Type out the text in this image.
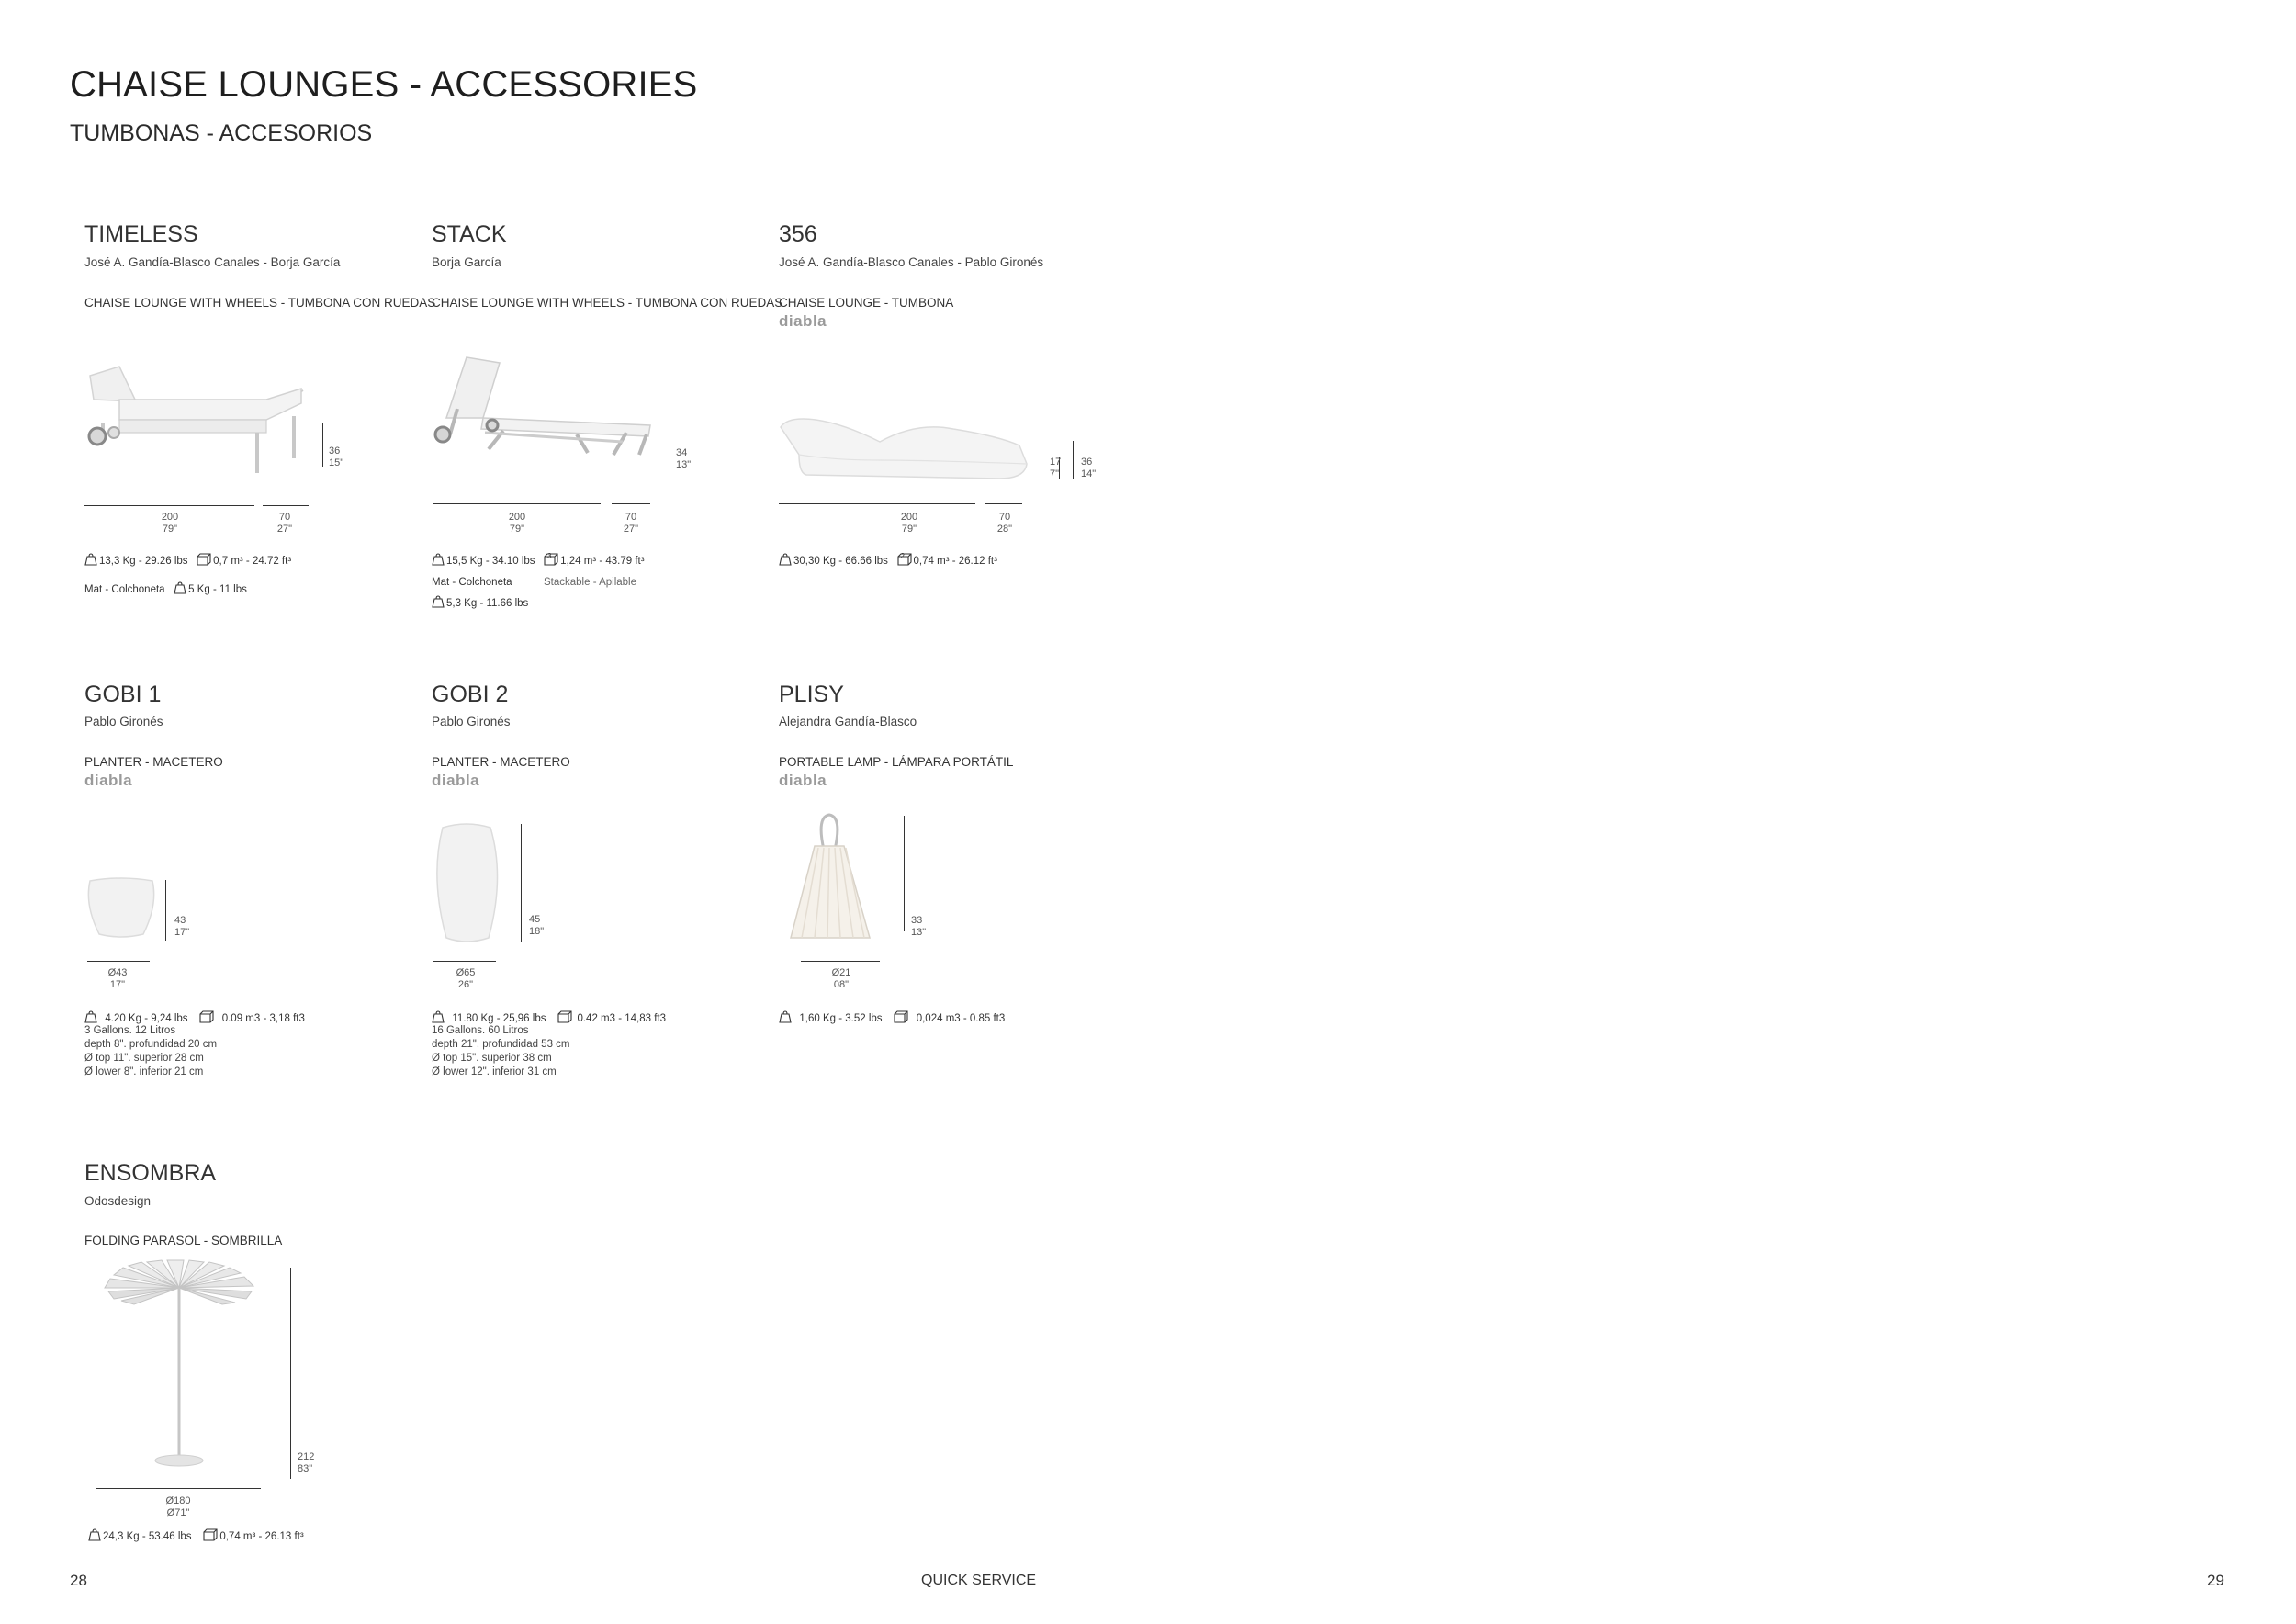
CHAISE LOUNGES - ACCESSORIES
TUMBONAS - ACCESORIOS
TIMELESS
José A. Gandía-Blasco Canales - Borja García
CHAISE LOUNGE WITH WHEELS - TUMBONA CON RUEDAS
36
15"
200
79"
70
27"
13,3 Kg - 29.26 lbs 0,7 m³ - 24.72 ft³
Mat - Colchoneta 5 Kg - 11 lbs
STACK
Borja García
CHAISE LOUNGE WITH WHEELS - TUMBONA CON RUEDAS
34
13"
200
79"
70
27"
15,5 Kg - 34.10 lbs 3 1,24 m³ - 43.79 ft³
Mat - Colchoneta	Stackable - Apilable
5,3 Kg - 11.66 lbs
356
José A. Gandía-Blasco Canales - Pablo Gironés
CHAISE LOUNGE - TUMBONA
diabla
17
7"
36
14"
200
79"
70
28"
30,30 Kg - 66.66 lbs 2 0,74 m³ - 26.12 ft³
GOBI 1
Pablo Gironés
PLANTER - MACETERO
diabla
43
17"
Ø43
17"
4.20 Kg - 9,24 lbs	0.09 m3 - 3,18 ft3
3 Gallons. 12 Litros
depth 8". profundidad 20 cm
Ø top 11". superior 28 cm
Ø lower 8". inferior 21 cm
GOBI 2
Pablo Gironés
PLANTER - MACETERO
diabla
45
18"
Ø65
26"
11.80 Kg - 25,96 lbs	0.42 m3 - 14,83 ft3
16 Gallons. 60 Litros
depth 21". profundidad 53 cm
Ø top 15". superior 38 cm
Ø lower 12". inferior 31 cm
PLISY
Alejandra Gandía-Blasco
PORTABLE LAMP - LÁMPARA PORTÁTIL
diabla
33
13"
Ø21
08"
1,60 Kg - 3.52 lbs	0,024 m3 - 0.85 ft3
ENSOMBRA
Odosdesign
FOLDING PARASOL - SOMBRILLA
212
83"
Ø180
Ø71"
24,3 Kg - 53.46 lbs	0,74 m³ - 26.13 ft³
28	QUICK SERVICE	29
